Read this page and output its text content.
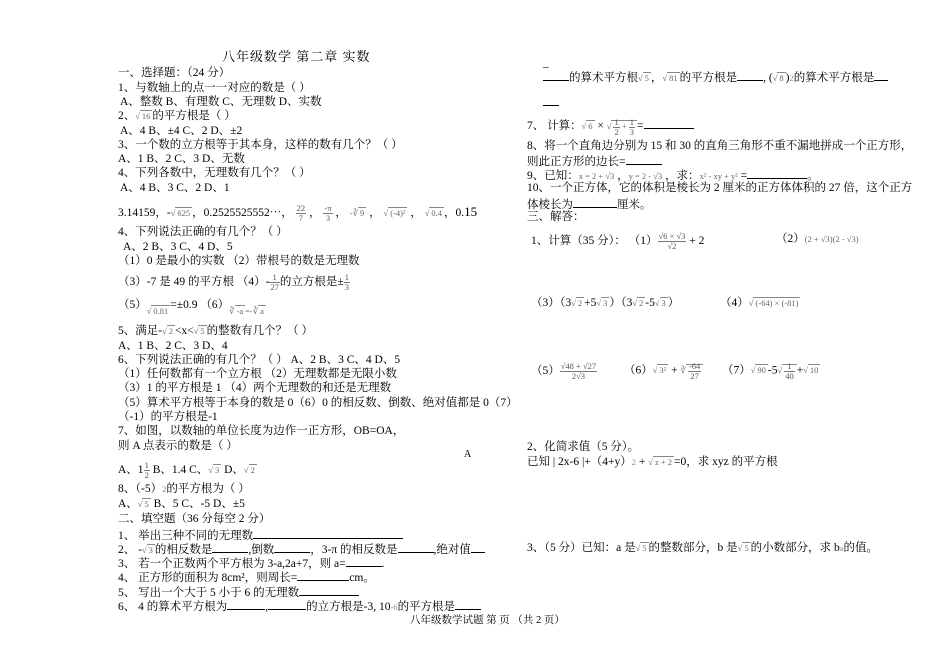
八年级数学 第二章 实数
一、选择题：（24 分）
1、与数轴上的点一一对应的数是（ ）
A、整数 B、有理数 C、无理数 D、实数
2、√ 16 的平方根是（ ）
A、4 B、±4 C、2 D、±2
3、一个数的立方根等于其本身，这样的数有几个？（ ）
A、1 B、2 C、3 D、无数
4、下列各数中，无理数有几个？（ ）
A、4 B、3 C、2 D、1
3.14159，-√ 625 ，0.2525525552⋯， $\frac{22}{7}$ ， $\frac{-\pi}{3}$ ， -∛ 9 ， √ (-4)² ， √ 0.4 ，0.15
4、下列说法正确的有几个？（ ）
A、2 B、3 C、4 D、5
（1）0 是最小的实数 （2）带根号的数是无理数
（3）-7 是 49 的平方根 $(4)- \frac{1}{27}$ 的立方根是± $\frac{1}{3}$
（5）√ 0.81 =±0.9 （6）∛ -a =-∛ a
5、满足-√ 2 <x<√ 5 的整数有几个？（ ）
A、1 B、2 C、3 D、4
6、下列说法正确的有几个？（ ） A、2 B、3 C、4 D、5
（1）任何数都有一个立方根 （2）无理数都是无限小数
（3）1 的平方根是 1 （4）两个无理数的和还是无理数
（5）算术平方根等于本身的数是 0（6）0 的相反数、倒数、绝对值都是 0（7）
（-1）的平方根是-1
7、如图，以数轴的单位长度为边作一正方形，OB=OA，
则 A 点表示的数是（ ）
A
A、$1 \frac{1}{2}$ B、1.4 C、√ 3 D、√ 2
8、（-5）2的平方根为（ ）
A、√ 5 B、5 C、-5 D、±5
二、填空题（36 分每空 2 分）
1、 举出三种不同的无理数
2、 -√ 3 的相反数是	,倒数	，3-π 的相反数是	,绝对值
3、 若一个正数两个平方根为 3-a,2a+7，则 a=	.
4、 正方形的面积为 8cm²，则周长=	cm。
5、 写出一个大于 5 小于 6 的无理数
6、 4 的算术平方根为	,	的立方根是-3, 10-6的平方根是
八年级数学试题 第 页 （共 2 页）
_
的算术平方根√ 5 ，√ 81 的平方根是 , (√ 8 )2的算术平方根是
7、 计算：√ 6 × √ $\frac{1}{2} + \frac{1}{3}$ =
8、将一个直角边分别为 15 和 30 的直角三角形不重不漏地拼成一个正方形，
则此正方形的边长=
9、已知：x = 2 + √3 ，y = 2 - √3 ，求：x² - xy + y² =	。
10、一个正方体，它的体积是棱长为 2 厘米的正方体体积的 27 倍，这个正方
体棱长为	厘米。
三、解答：
1、计算（35 分）： $(1) \frac{√6 \times √3}{√2} + 2$	（2）(2 + √3)(2 - √3)
（3）（3√ 2 +5√ 3 ）（3√ 2 -5√ 3 ）	（4）√ (-64) × (-81)
$(5) \frac{√48 + √27}{2√3} (6)√$ 3² + ∛ $\frac{-64}{27} (7)√$ 90 $-5√ \frac{1}{40}$ +√ 10
2、化简求值（5 分）。
已知 | 2x-6 |+（4+y）2 + √ z + 2 =0，求 xyz 的平方根
3、（5 分）已知：a 是√ 5 的整数部分，b 是√ 5 的小数部分，求 ba的值。
